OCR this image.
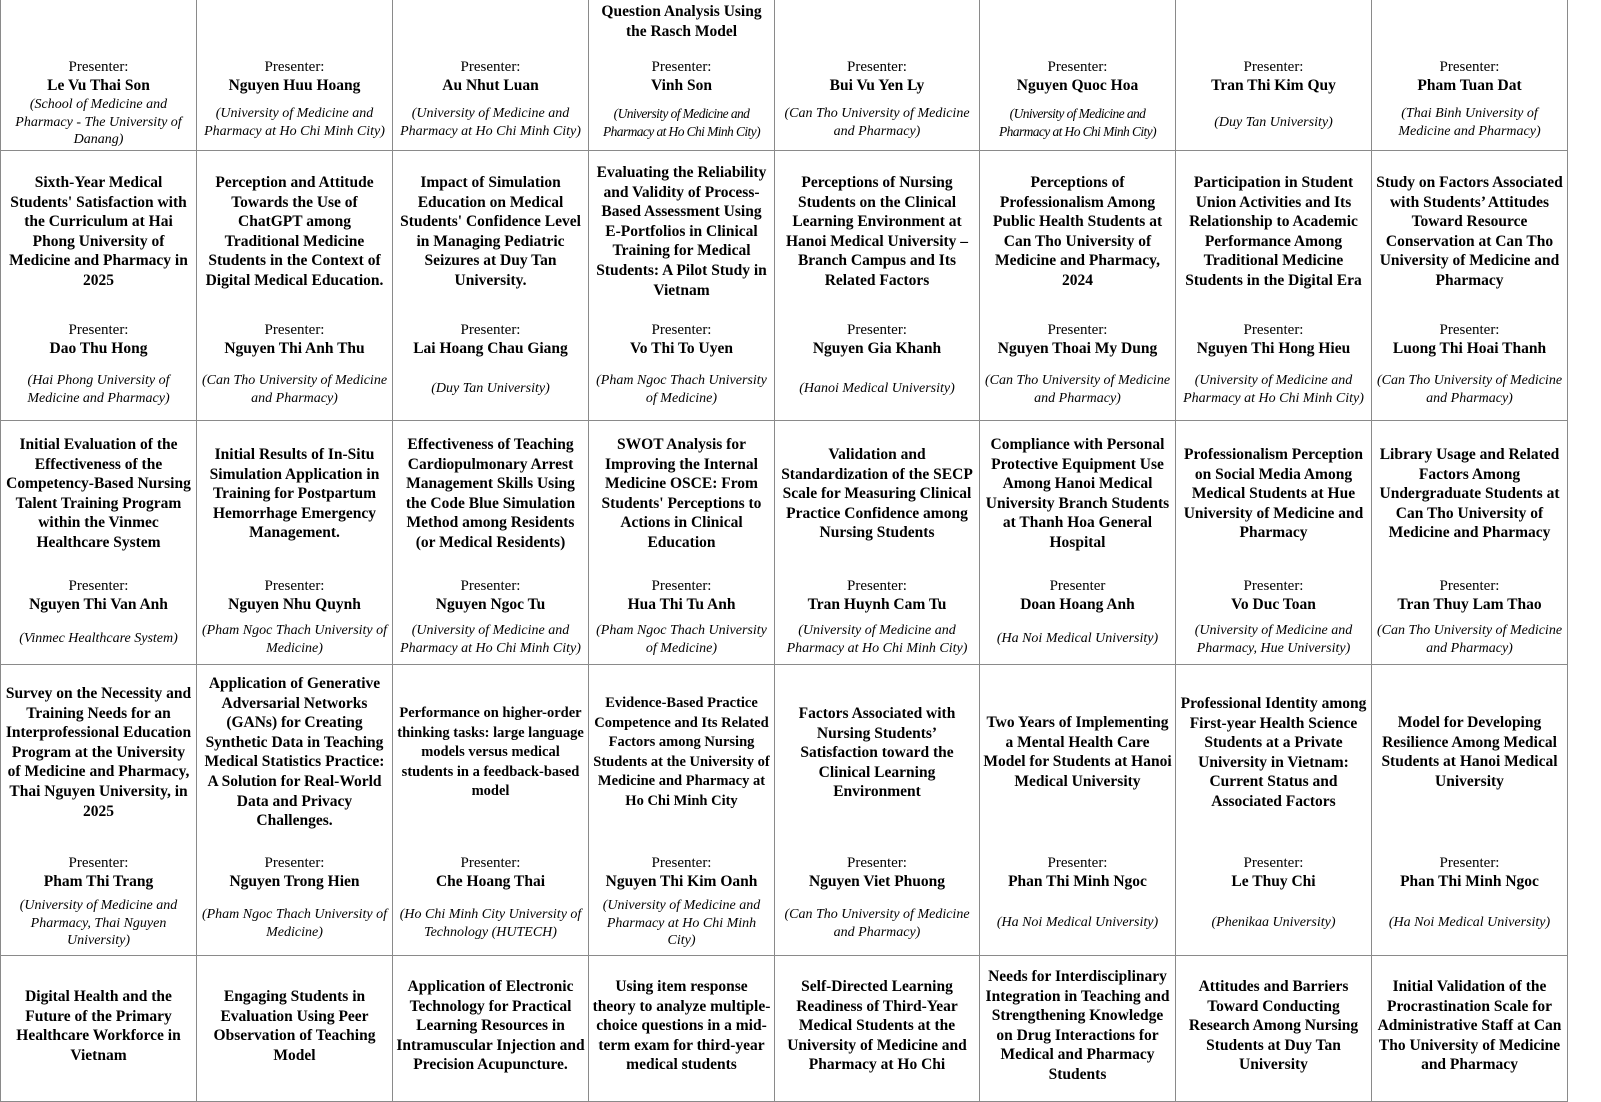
Presenter:
Le Vu Thai Son
(School of Medicine and Pharmacy - The University of Danang)
Presenter:
Nguyen Huu Hoang
(University of Medicine and Pharmacy at Ho Chi Minh City)
Presenter:
Au Nhut Luan
(University of Medicine and Pharmacy at Ho Chi Minh City)
Question Analysis Using the Rasch Model
Presenter:
Vinh Son
(University of Medicine and Pharmacy at Ho Chi Minh City)
Presenter:
Bui Vu Yen Ly
(Can Tho University of Medicine and Pharmacy)
Presenter:
Nguyen Quoc Hoa
(University of Medicine and Pharmacy at Ho Chi Minh City)
Presenter:
Tran Thi Kim Quy
(Duy Tan University)
Presenter:
Pham Tuan Dat
(Thai Binh University of Medicine and Pharmacy)
Sixth-Year Medical Students' Satisfaction with the Curriculum at Hai Phong University of Medicine and Pharmacy in 2025
Presenter:
Dao Thu Hong
(Hai Phong University of Medicine and Pharmacy)
Perception and Attitude Towards the Use of ChatGPT among Traditional Medicine Students in the Context of Digital Medical Education.
Presenter:
Nguyen Thi Anh Thu
(Can Tho University of Medicine and Pharmacy)
Impact of Simulation Education on Medical Students' Confidence Level in Managing Pediatric Seizures at Duy Tan University.
Presenter:
Lai Hoang Chau Giang
(Duy Tan University)
Evaluating the Reliability and Validity of Process-Based Assessment Using E-Portfolios in Clinical Training for Medical Students: A Pilot Study in Vietnam
Presenter:
Vo Thi To Uyen
(Pham Ngoc Thach University of Medicine)
Perceptions of Nursing Students on the Clinical Learning Environment at Hanoi Medical University – Branch Campus and Its Related Factors
Presenter:
Nguyen Gia Khanh
(Hanoi Medical University)
Perceptions of Professionalism Among Public Health Students at Can Tho University of Medicine and Pharmacy, 2024
Presenter:
Nguyen Thoai My Dung
(Can Tho University of Medicine and Pharmacy)
Participation in Student Union Activities and Its Relationship to Academic Performance Among Traditional Medicine Students in the Digital Era
Presenter:
Nguyen Thi Hong Hieu
(University of Medicine and Pharmacy at Ho Chi Minh City)
Study on Factors Associated with Students’ Attitudes Toward Resource Conservation at Can Tho University of Medicine and Pharmacy
Presenter:
Luong Thi Hoai Thanh
(Can Tho University of Medicine and Pharmacy)
Initial Evaluation of the Effectiveness of the Competency-Based Nursing Talent Training Program within the Vinmec Healthcare System
Presenter:
Nguyen Thi Van Anh
(Vinmec Healthcare System)
Initial Results of In-Situ Simulation Application in Training for Postpartum Hemorrhage Emergency Management.
Presenter:
Nguyen Nhu Quynh
(Pham Ngoc Thach University of Medicine)
Effectiveness of Teaching Cardiopulmonary Arrest Management Skills Using the Code Blue Simulation Method among Residents (or Medical Residents)
Presenter:
Nguyen Ngoc Tu
(University of Medicine and Pharmacy at Ho Chi Minh City)
SWOT Analysis for Improving the Internal Medicine OSCE: From Students' Perceptions to Actions in Clinical Education
Presenter:
Hua Thi Tu Anh
(Pham Ngoc Thach University of Medicine)
Validation and Standardization of the SECP Scale for Measuring Clinical Practice Confidence among Nursing Students
Presenter:
Tran Huynh Cam Tu
(University of Medicine and Pharmacy at Ho Chi Minh City)
Compliance with Personal Protective Equipment Use Among Hanoi Medical University Branch Students at Thanh Hoa General Hospital
Presenter
Doan Hoang Anh
(Ha Noi Medical University)
Professionalism Perception on Social Media Among Medical Students at Hue University of Medicine and Pharmacy
Presenter:
Vo Duc Toan
(University of Medicine and Pharmacy, Hue University)
Library Usage and Related Factors Among Undergraduate Students at Can Tho University of Medicine and Pharmacy
Presenter:
Tran Thuy Lam Thao
(Can Tho University of Medicine and Pharmacy)
Survey on the Necessity and Training Needs for an Interprofessional Education Program at the University of Medicine and Pharmacy, Thai Nguyen University, in 2025
Presenter:
Pham Thi Trang
(University of Medicine and Pharmacy, Thai Nguyen University)
Application of Generative Adversarial Networks (GANs) for Creating Synthetic Data in Teaching Medical Statistics Practice: A Solution for Real-World Data and Privacy Challenges.
Presenter:
Nguyen Trong Hien
(Pham Ngoc Thach University of Medicine)
Performance on higher-order thinking tasks: large language models versus medical students in a feedback-based model
Presenter:
Che Hoang Thai
(Ho Chi Minh City University of Technology (HUTECH)
Evidence-Based Practice Competence and Its Related Factors among Nursing Students at the University of Medicine and Pharmacy at Ho Chi Minh City
Presenter:
Nguyen Thi Kim Oanh
(University of Medicine and Pharmacy at Ho Chi Minh City)
Factors Associated with Nursing Students’ Satisfaction toward the Clinical Learning Environment
Presenter:
Nguyen Viet Phuong
(Can Tho University of Medicine and Pharmacy)
Two Years of Implementing a Mental Health Care Model for Students at Hanoi Medical University
Presenter:
Phan Thi Minh Ngoc
(Ha Noi Medical University)
Professional Identity among First-year Health Science Students at a Private University in Vietnam: Current Status and Associated Factors
Presenter:
Le Thuy Chi
(Phenikaa University)
Model for Developing Resilience Among Medical Students at Hanoi Medical University
Presenter:
Phan Thi Minh Ngoc
(Ha Noi Medical University)
Digital Health and the Future of the Primary Healthcare Workforce in Vietnam
Engaging Students in Evaluation Using Peer Observation of Teaching Model
Application of Electronic Technology for Practical Learning Resources in Intramuscular Injection and Precision Acupuncture.
Using item response theory to analyze multiple-choice questions in a mid-term exam for third-year medical students
Self-Directed Learning Readiness of Third-Year Medical Students at the University of Medicine and Pharmacy at Ho Chi
Needs for Interdisciplinary Integration in Teaching and Strengthening Knowledge on Drug Interactions for Medical and Pharmacy Students
Attitudes and Barriers Toward Conducting Research Among Nursing Students at Duy Tan University
Initial Validation of the Procrastination Scale for Administrative Staff at Can Tho University of Medicine and Pharmacy
